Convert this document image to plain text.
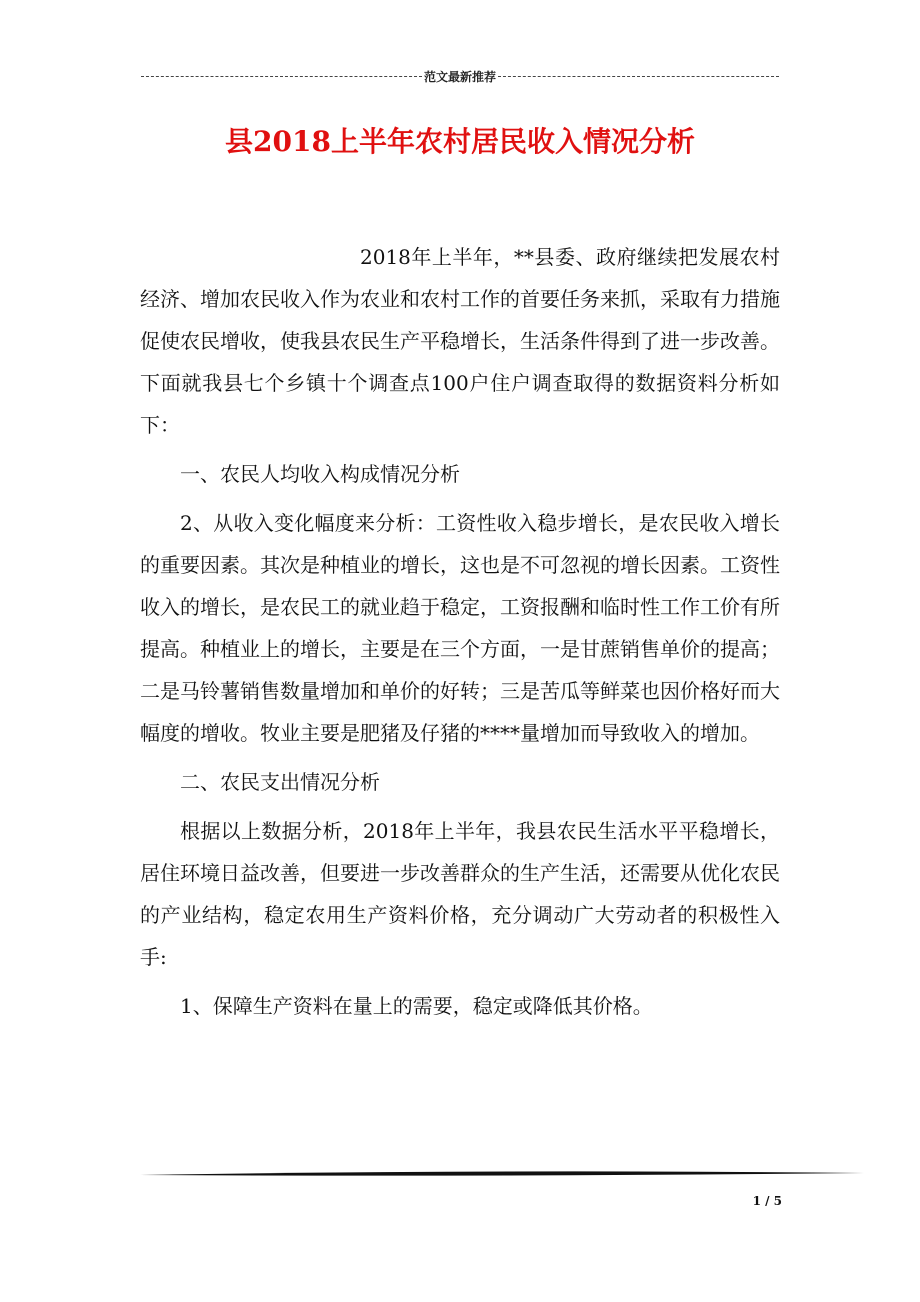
范文最新推荐
县2018上半年农村居民收入情况分析

2018年上半年，**县委、政府继续把发展农村经济、增加农民收入作为农业和农村工作的首要任务来抓，采取有力措施促使农民增收，使我县农民生产平稳增长，生活条件得到了进一步改善。下面就我县七个乡镇十个调查点100户住户调查取得的数据资料分析如下：

一、农民人均收入构成情况分析

2、从收入变化幅度来分析：工资性收入稳步增长，是农民收入增长的重要因素。其次是种植业的增长，这也是不可忽视的增长因素。工资性收入的增长，是农民工的就业趋于稳定，工资报酬和临时性工作工价有所提高。种植业上的增长，主要是在三个方面，一是甘蔗销售单价的提高；二是马铃薯销售数量增加和单价的好转；三是苦瓜等鲜菜也因价格好而大幅度的增收。牧业主要是肥猪及仔猪的****量增加而导致收入的增加。

二、农民支出情况分析

根据以上数据分析，2018年上半年，我县农民生活水平平稳增长，居住环境日益改善，但要进一步改善群众的生产生活，还需要从优化农民的产业结构，稳定农用生产资料价格，充分调动广大劳动者的积极性入手:

1、保障生产资料在量上的需要，稳定或降低其价格。

1 / 5
